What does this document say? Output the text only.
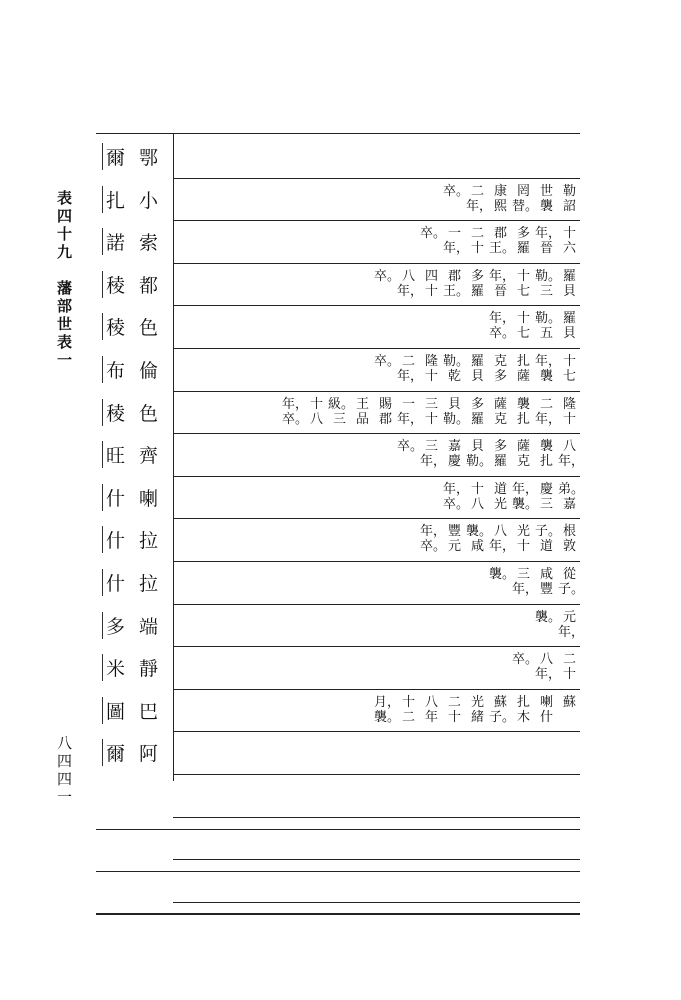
表四十九　藩部世表一
八四四一
爾 鄂
扎 小
諾 索
稜 都
稜 色
布 倫
稜 色
旺 齊
什 喇
什 拉
什 拉
多 端
米 靜
圖 巴
爾 阿
勒
詔
世
襲
罔
替。
康
熙
二
年，
卒。

十
六
年，
晉
多
羅
郡
王。
二
十
一
年，
卒。

羅
貝
勒。
三
十
七
年，
晉
多
羅
郡
王。
四
十
八
年，
卒。

羅
貝
勒。
五
十
七
年，
卒。
十
七
年，
襲
扎
薩
克
多
羅
貝
勒。
乾
隆
十
二
年，
卒。

隆
十
二
年，
襲
扎
薩
克
多
羅
貝
勒。
三
十
一
年，
賜
郡
王
品
級。
三
十
八
年，
卒。
八
年，
襲
扎
薩
克
多
羅
貝
勒。
嘉
慶
三
年，
卒。

弟。
嘉
慶
三
年，
襲。
道
光
十
八
年，
卒。
根
敦
子。
道
光
十
八
年，
襲。
咸
豐
元
年，
卒。
從
子。
咸
豐
三
年，
襲。

元
年，
襲。

二
十
八
年，
卒。

蘇

喇
什
扎
木
蘇
子。
光
緒
二
十
八
年
十
二
月，
襲。
